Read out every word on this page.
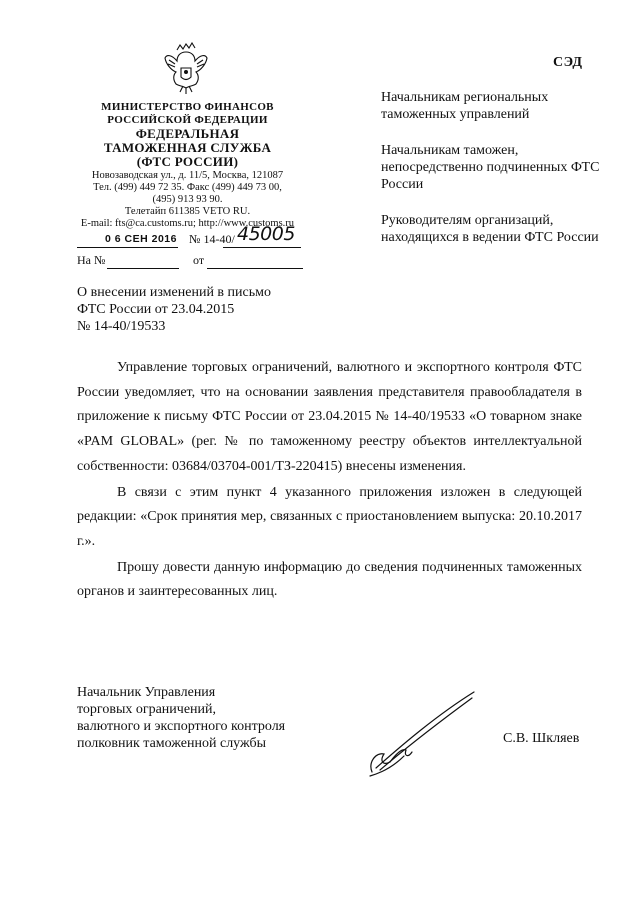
СЭД
МИНИСТЕРСТВО ФИНАНСОВ
РОССИЙСКОЙ ФЕДЕРАЦИИ
ФЕДЕРАЛЬНАЯ
ТАМОЖЕННАЯ СЛУЖБА
(ФТС РОССИИ)
Новозаводская ул., д. 11/5, Москва, 121087
Тел. (499) 449 72 35. Факс (499) 449 73 00,
(495) 913 93 90.
Телетайп 611385 VETO RU.
E-mail: fts@ca.customs.ru; http://www.customs.ru
0 6 СЕН 2016 № 14-40/ 45005
На №	от

Начальникам региональных таможенных управлений

Начальникам таможен, непосредственно подчиненных ФТС России

Руководителям организаций, находящихся в ведении ФТС России

О внесении изменений в письмо
ФТС России от 23.04.2015
№ 14-40/19533

Управление торговых ограничений, валютного и экспортного контроля ФТС России уведомляет, что на основании заявления представителя правообладателя в приложение к письму ФТС России от 23.04.2015 № 14-40/19533 «О товарном знаке «PAM GLOBAL» (рег. № по таможенному реестру объектов интеллектуальной собственности: 03684/03704-001/ТЗ-220415) внесены изменения.

В связи с этим пункт 4 указанного приложения изложен в следующей редакции: «Срок принятия мер, связанных с приостановлением выпуска: 20.10.2017 г.».

Прошу довести данную информацию до сведения подчиненных таможенных органов и заинтересованных лиц.

Начальник Управления
торговых ограничений,
валютного и экспортного контроля
полковник таможенной службы	С.В. Шкляев
